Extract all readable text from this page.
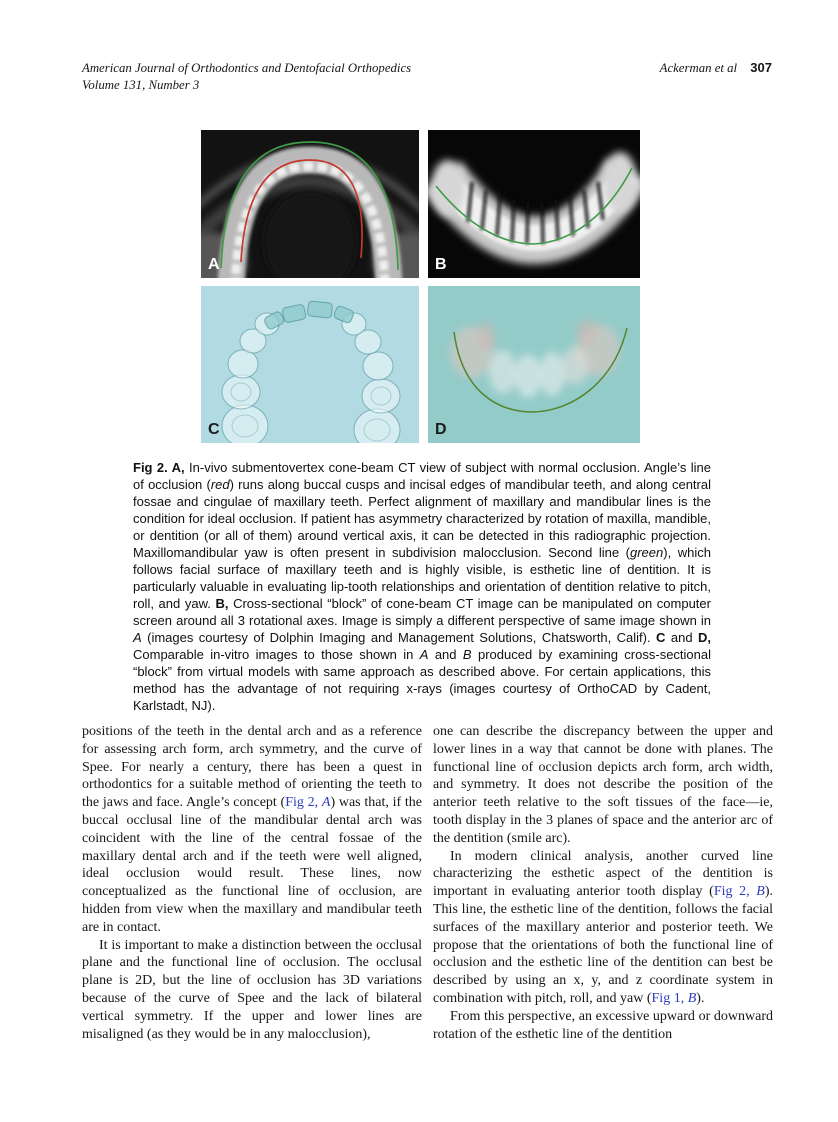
American Journal of Orthodontics and Dentofacial Orthopedics
Volume 131, Number 3
Ackerman et al 307
A	B
C	D
Fig 2. A, In-vivo submentovertex cone-beam CT view of subject with normal occlusion. Angle’s line of occlusion (red) runs along buccal cusps and incisal edges of mandibular teeth, and along central fossae and cingulae of maxillary teeth. Perfect alignment of maxillary and mandibular lines is the condition for ideal occlusion. If patient has asymmetry characterized by rotation of maxilla, mandible, or dentition (or all of them) around vertical axis, it can be detected in this radiographic projection. Maxillomandibular yaw is often present in subdivision malocclusion. Second line (green), which follows facial surface of maxillary teeth and is highly visible, is esthetic line of dentition. It is particularly valuable in evaluating lip-tooth relationships and orientation of dentition relative to pitch, roll, and yaw. B, Cross-sectional “block” of cone-beam CT image can be manipulated on computer screen around all 3 rotational axes. Image is simply a different perspective of same image shown in A (images courtesy of Dolphin Imaging and Management Solutions, Chatsworth, Calif). C and D, Comparable in-vitro images to those shown in A and B produced by examining cross-sectional “block” from virtual models with same approach as described above. For certain applications, this method has the advantage of not requiring x-rays (images courtesy of OrthoCAD by Cadent, Karlstadt, NJ).

positions of the teeth in the dental arch and as a reference for assessing arch form, arch symmetry, and the curve of Spee. For nearly a century, there has been a quest in orthodontics for a suitable method of orienting the teeth to the jaws and face. Angle’s concept (Fig 2, A) was that, if the buccal occlusal line of the mandibular dental arch was coincident with the line of the central fossae of the maxillary dental arch and if the teeth were well aligned, ideal occlusion would result. These lines, now conceptualized as the functional line of occlusion, are hidden from view when the maxillary and mandibular teeth are in contact.

It is important to make a distinction between the occlusal plane and the functional line of occlusion. The occlusal plane is 2D, but the line of occlusion has 3D variations because of the curve of Spee and the lack of bilateral vertical symmetry. If the upper and lower lines are misaligned (as they would be in any malocclusion),

one can describe the discrepancy between the upper and lower lines in a way that cannot be done with planes. The functional line of occlusion depicts arch form, arch width, and symmetry. It does not describe the position of the anterior teeth relative to the soft tissues of the face—ie, tooth display in the 3 planes of space and the anterior arc of the dentition (smile arc).

In modern clinical analysis, another curved line characterizing the esthetic aspect of the dentition is important in evaluating anterior tooth display (Fig 2, B). This line, the esthetic line of the dentition, follows the facial surfaces of the maxillary anterior and posterior teeth. We propose that the orientations of both the functional line of occlusion and the esthetic line of the dentition can best be described by using an x, y, and z coordinate system in combination with pitch, roll, and yaw (Fig 1, B).

From this perspective, an excessive upward or downward rotation of the esthetic line of the dentition
